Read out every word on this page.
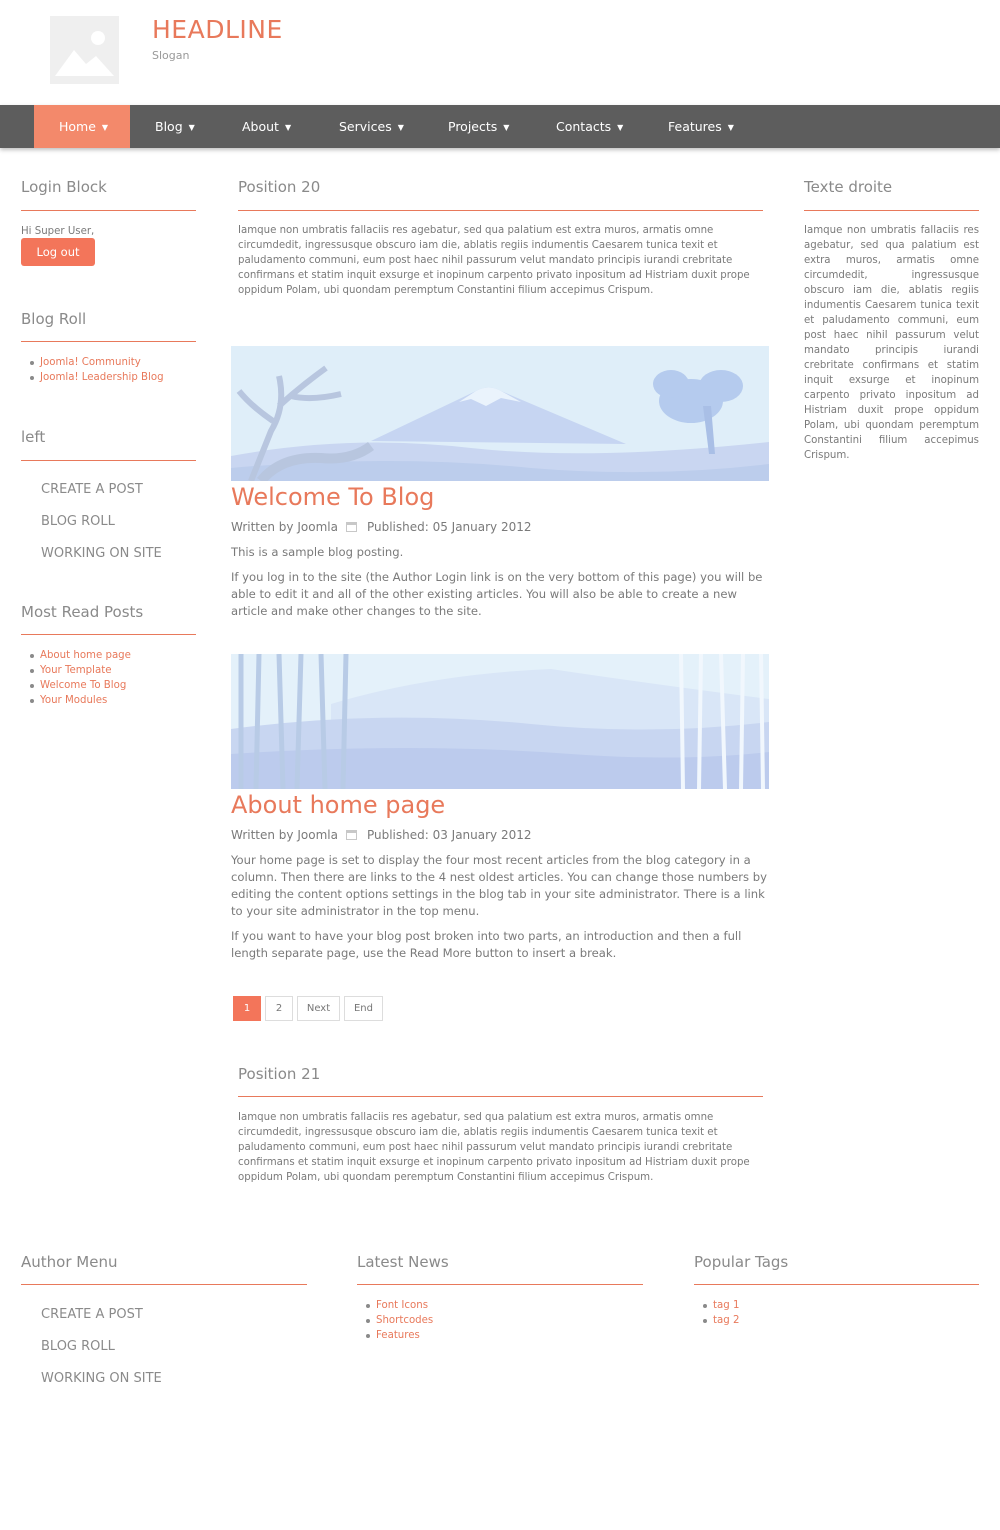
HEADLINE
Slogan
Home ▼	Blog ▼	About ▼	Services ▼	Projects ▼	Contacts ▼	Features ▼
Login Block
Hi Super User,
Log out
Blog Roll
Joomla! Community
Joomla! Leadership Blog
left
CREATE A POST
BLOG ROLL
WORKING ON SITE
Most Read Posts
About home page
Your Template
Welcome To Blog
Your Modules
Position 20
Iamque non umbratis fallaciis res agebatur, sed qua palatium est extra muros, armatis omne circumdedit, ingressusque obscuro iam die, ablatis regiis indumentis Caesarem tunica texit et paludamento communi, eum post haec nihil passurum velut mandato principis iurandi crebritate confirmans et statim inquit exsurge et inopinum carpento privato inpositum ad Histriam duxit prope oppidum Polam, ubi quondam peremptum Constantini filium accepimus Crispum.
Welcome To Blog
Written by Joomla Published: 05 January 2012

This is a sample blog posting.

If you log in to the site (the Author Login link is on the very bottom of this page) you will be able to edit it and all of the other existing articles. You will also be able to create a new article and make other changes to the site.

About home page
Written by Joomla Published: 03 January 2012

Your home page is set to display the four most recent articles from the blog category in a column. Then there are links to the 4 nest oldest articles. You can change those numbers by editing the content options settings in the blog tab in your site administrator. There is a link to your site administrator in the top menu.

If you want to have your blog post broken into two parts, an introduction and then a full length separate page, use the Read More button to insert a break.

1	2	Next	End
Position 21
Iamque non umbratis fallaciis res agebatur, sed qua palatium est extra muros, armatis omne circumdedit, ingressusque obscuro iam die, ablatis regiis indumentis Caesarem tunica texit et paludamento communi, eum post haec nihil passurum velut mandato principis iurandi crebritate confirmans et statim inquit exsurge et inopinum carpento privato inpositum ad Histriam duxit prope oppidum Polam, ubi quondam peremptum Constantini filium accepimus Crispum.
Texte droite
Iamque non umbratis fallaciis res agebatur, sed qua palatium est extra muros, armatis omne circumdedit, ingressusque obscuro iam die, ablatis regiis indumentis Caesarem tunica texit et paludamento communi, eum post haec nihil passurum velut mandato principis iurandi crebritate confirmans et statim inquit exsurge et inopinum carpento privato inpositum ad Histriam duxit prope oppidum Polam, ubi quondam peremptum Constantini filium accepimus Crispum.
Author Menu
CREATE A POST
BLOG ROLL
WORKING ON SITE
Latest News
Font Icons
Shortcodes
Features
Popular Tags
tag 1
tag 2
